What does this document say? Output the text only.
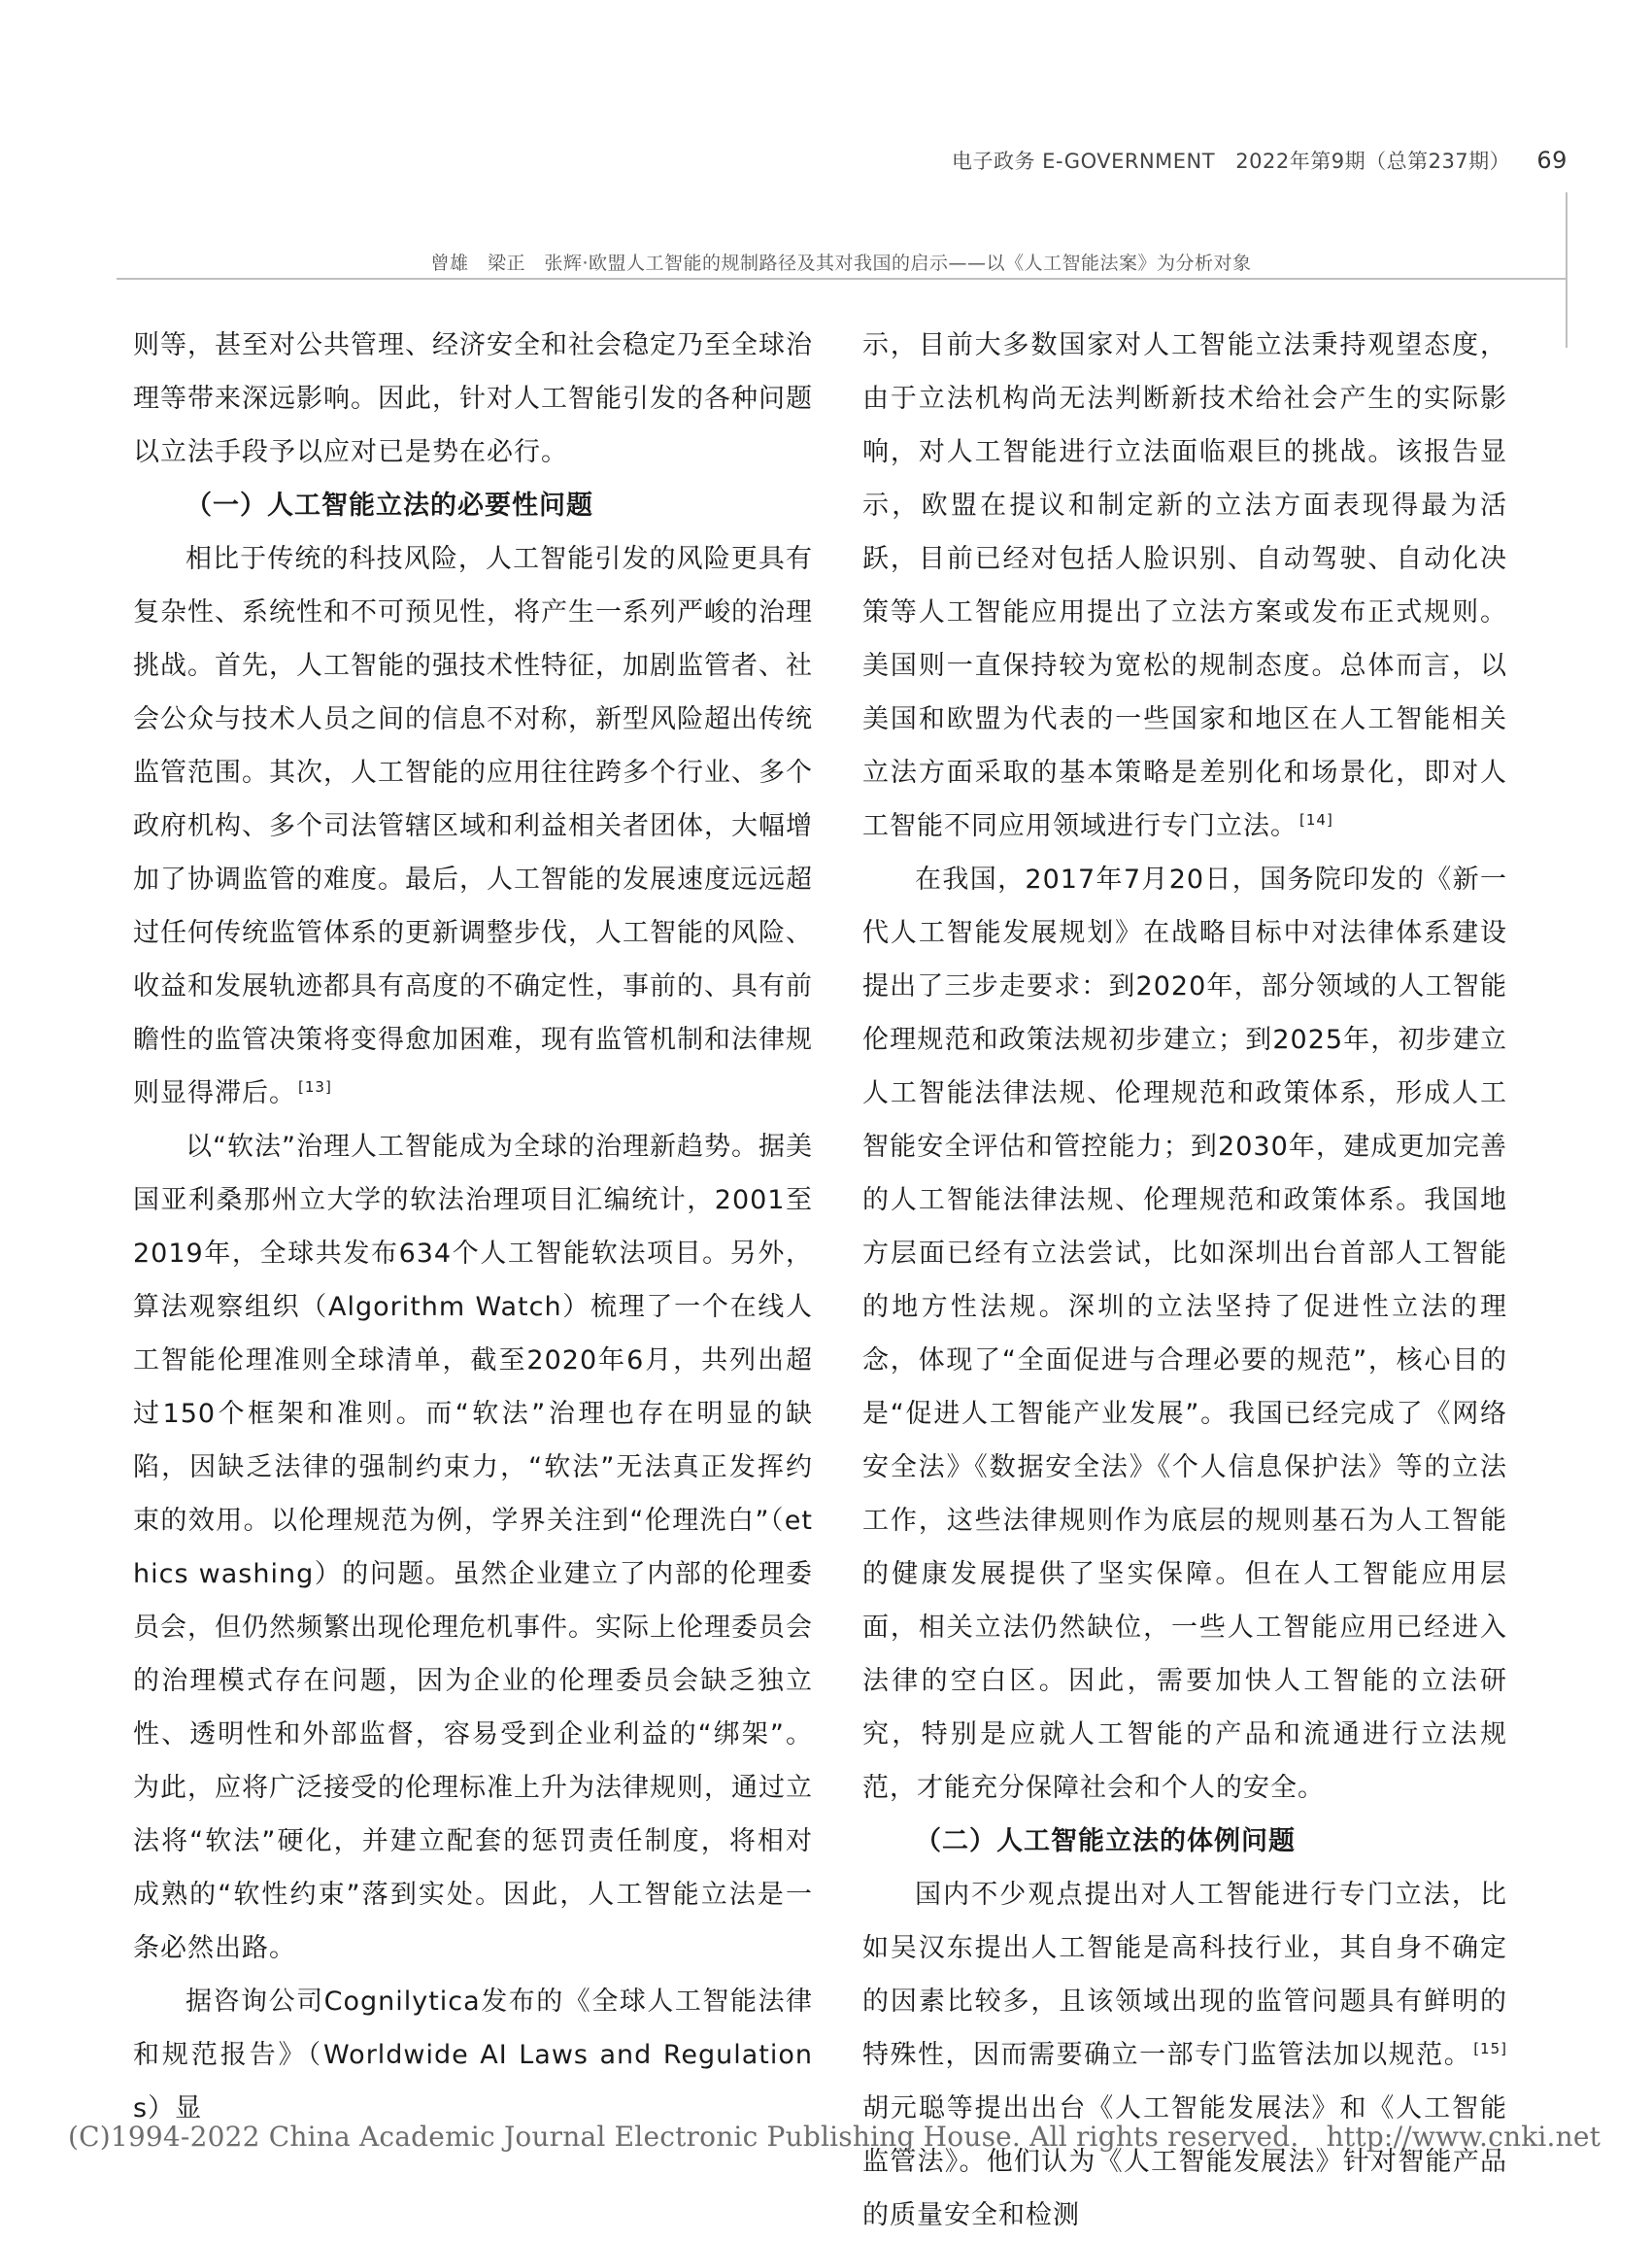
电子政务 E-GOVERNMENT 2022年第9期（总第237期） 69
曾雄　梁正　张辉·欧盟人工智能的规制路径及其对我国的启示——以《人工智能法案》为分析对象

则等，甚至对公共管理、经济安全和社会稳定乃至全球治理等带来深远影响。因此，针对人工智能引发的各种问题以立法手段予以应对已是势在必行。

（一）人工智能立法的必要性问题

相比于传统的科技风险，人工智能引发的风险更具有复杂性、系统性和不可预见性，将产生一系列严峻的治理挑战。首先，人工智能的强技术性特征，加剧监管者、社会公众与技术人员之间的信息不对称，新型风险超出传统监管范围。其次，人工智能的应用往往跨多个行业、多个政府机构、多个司法管辖区域和利益相关者团体，大幅增加了协调监管的难度。最后，人工智能的发展速度远远超过任何传统监管体系的更新调整步伐，人工智能的风险、收益和发展轨迹都具有高度的不确定性，事前的、具有前瞻性的监管决策将变得愈加困难，现有监管机制和法律规则显得滞后。 [13]

以“软法”治理人工智能成为全球的治理新趋势。据美国亚利桑那州立大学的软法治理项目汇编统计，2001至2019年，全球共发布634个人工智能软法项目。另外，算法观察组织（Algorithm Watch）梳理了一个在线人工智能伦理准则全球清单，截至2020年6月，共列出超过150个框架和准则。而“软法”治理也存在明显的缺陷，因缺乏法律的强制约束力，“软法”无法真正发挥约束的效用。以伦理规范为例，学界关注到“伦理洗白”（ethics washing）的问题。虽然企业建立了内部的伦理委员会，但仍然频繁出现伦理危机事件。实际上伦理委员会的治理模式存在问题，因为企业的伦理委员会缺乏独立性、透明性和外部监督，容易受到企业利益的“绑架”。为此，应将广泛接受的伦理标准上升为法律规则，通过立法将“软法”硬化，并建立配套的惩罚责任制度，将相对成熟的“软性约束”落到实处。因此，人工智能立法是一条必然出路。

据咨询公司Cognilytica发布的《全球人工智能法律和规范报告》（Worldwide AI Laws and Regulations）显

示，目前大多数国家对人工智能立法秉持观望态度，由于立法机构尚无法判断新技术给社会产生的实际影响，对人工智能进行立法面临艰巨的挑战。该报告显示，欧盟在提议和制定新的立法方面表现得最为活跃，目前已经对包括人脸识别、自动驾驶、自动化决策等人工智能应用提出了立法方案或发布正式规则。美国则一直保持较为宽松的规制态度。总体而言，以美国和欧盟为代表的一些国家和地区在人工智能相关立法方面采取的基本策略是差别化和场景化，即对人工智能不同应用领域进行专门立法。 [14]

在我国，2017年7月20日，国务院印发的《新一代人工智能发展规划》在战略目标中对法律体系建设提出了三步走要求：到2020年，部分领域的人工智能伦理规范和政策法规初步建立；到2025年，初步建立人工智能法律法规、伦理规范和政策体系，形成人工智能安全评估和管控能力；到2030年，建成更加完善的人工智能法律法规、伦理规范和政策体系。我国地方层面已经有立法尝试，比如深圳出台首部人工智能的地方性法规。深圳的立法坚持了促进性立法的理念，体现了“全面促进与合理必要的规范”，核心目的是“促进人工智能产业发展”。我国已经完成了《网络安全法》《数据安全法》《个人信息保护法》等的立法工作，这些法律规则作为底层的规则基石为人工智能的健康发展提供了坚实保障。但在人工智能应用层面，相关立法仍然缺位，一些人工智能应用已经进入法律的空白区。因此，需要加快人工智能的立法研究，特别是应就人工智能的产品和流通进行立法规范，才能充分保障社会和个人的安全。

（二）人工智能立法的体例问题

国内不少观点提出对人工智能进行专门立法，比如吴汉东提出人工智能是高科技行业，其自身不确定的因素比较多，且该领域出现的监管问题具有鲜明的特殊性，因而需要确立一部专门监管法加以规范。 [15]胡元聪等提出出台《人工智能发展法》和《人工智能监管法》。他们认为《人工智能发展法》针对智能产品的质量安全和检测

(C)1994-2022 China Academic Journal Electronic Publishing House. All rights reserved.　http://www.cnki.net
